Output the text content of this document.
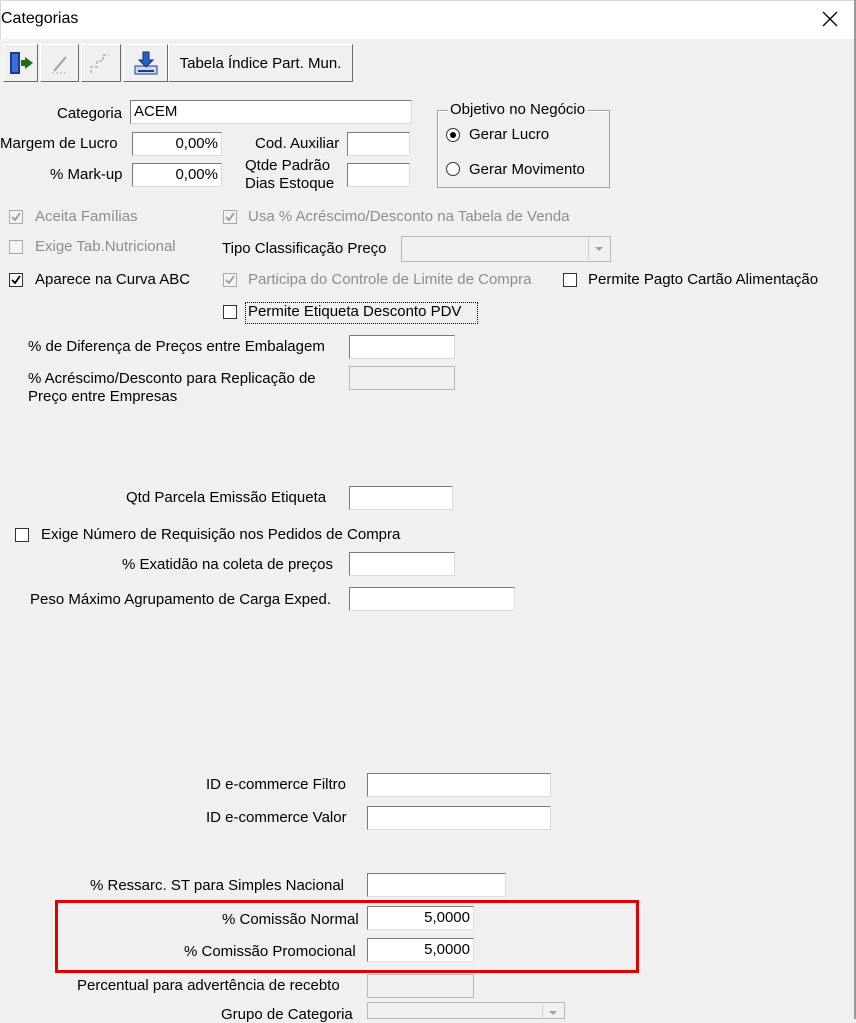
Categorias
Tabela Índice Part. Mun.
Categoria ACEM
Margem de Lucro	0,00%
% Mark-up	0,00%
Cod. Auxiliar
Qtde Padrão
Dias Estoque
Objetivo no Negócio
Gerar Lucro
Gerar Movimento
Aceita Famílias	Usa % Acréscimo/Desconto na Tabela de Venda
Exige Tab.Nutricional	Tipo Classificação Preço
Aparece na Curva ABC	Participa do Controle de Limite de Compra	Permite Pagto Cartão Alimentação
Permite Etiqueta Desconto PDV
% de Diferença de Preços entre Embalagem
% Acréscimo/Desconto para Replicação de
Preço entre Empresas
Qtd Parcela Emissão Etiqueta
Exige Número de Requisição nos Pedidos de Compra
% Exatidão na coleta de preços
Peso Máximo Agrupamento de Carga Exped.
ID e-commerce Filtro
ID e-commerce Valor
% Ressarc. ST para Simples Nacional
% Comissão Normal	5,0000
% Comissão Promocional	5,0000
Percentual para advertência de recebto
Grupo de Categoria
